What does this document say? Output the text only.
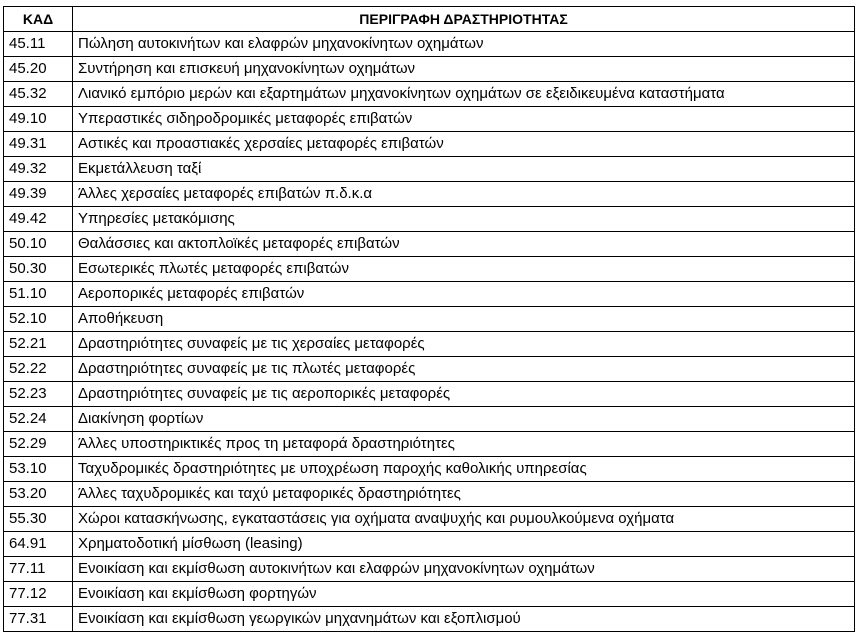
ΚΑΔ	ΠΕΡΙΓΡΑΦΗ ΔΡΑΣΤΗΡΙΟΤΗΤΑΣ
45.11	Πώληση αυτοκινήτων και ελαφρών μηχανοκίνητων οχημάτων
45.20	Συντήρηση και επισκευή μηχανοκίνητων οχημάτων
45.32	Λιανικό εμπόριο μερών και εξαρτημάτων μηχανοκίνητων οχημάτων σε εξειδικευμένα καταστήματα
49.10	Υπεραστικές σιδηροδρομικές μεταφορές επιβατών
49.31	Αστικές και προαστιακές χερσαίες μεταφορές επιβατών
49.32	Εκμετάλλευση ταξί
49.39	Άλλες χερσαίες μεταφορές επιβατών π.δ.κ.α
49.42	Υπηρεσίες μετακόμισης
50.10	Θαλάσσιες και ακτοπλοϊκές μεταφορές επιβατών
50.30	Εσωτερικές πλωτές μεταφορές επιβατών
51.10	Αεροπορικές μεταφορές επιβατών
52.10	Αποθήκευση
52.21	Δραστηριότητες συναφείς με τις χερσαίες μεταφορές
52.22	Δραστηριότητες συναφείς με τις πλωτές μεταφορές
52.23	Δραστηριότητες συναφείς με τις αεροπορικές μεταφορές
52.24	Διακίνηση φορτίων
52.29	Άλλες υποστηρικτικές προς τη μεταφορά δραστηριότητες
53.10	Ταχυδρομικές δραστηριότητες με υποχρέωση παροχής καθολικής υπηρεσίας
53.20	Άλλες ταχυδρομικές και ταχύ μεταφορικές δραστηριότητες
55.30	Χώροι κατασκήνωσης, εγκαταστάσεις για οχήματα αναψυχής και ρυμουλκούμενα οχήματα
64.91	Χρηματοδοτική μίσθωση (leasing)
77.11	Ενοικίαση και εκμίσθωση αυτοκινήτων και ελαφρών μηχανοκίνητων οχημάτων
77.12	Ενοικίαση και εκμίσθωση φορτηγών
77.31	Ενοικίαση και εκμίσθωση γεωργικών μηχανημάτων και εξοπλισμού
